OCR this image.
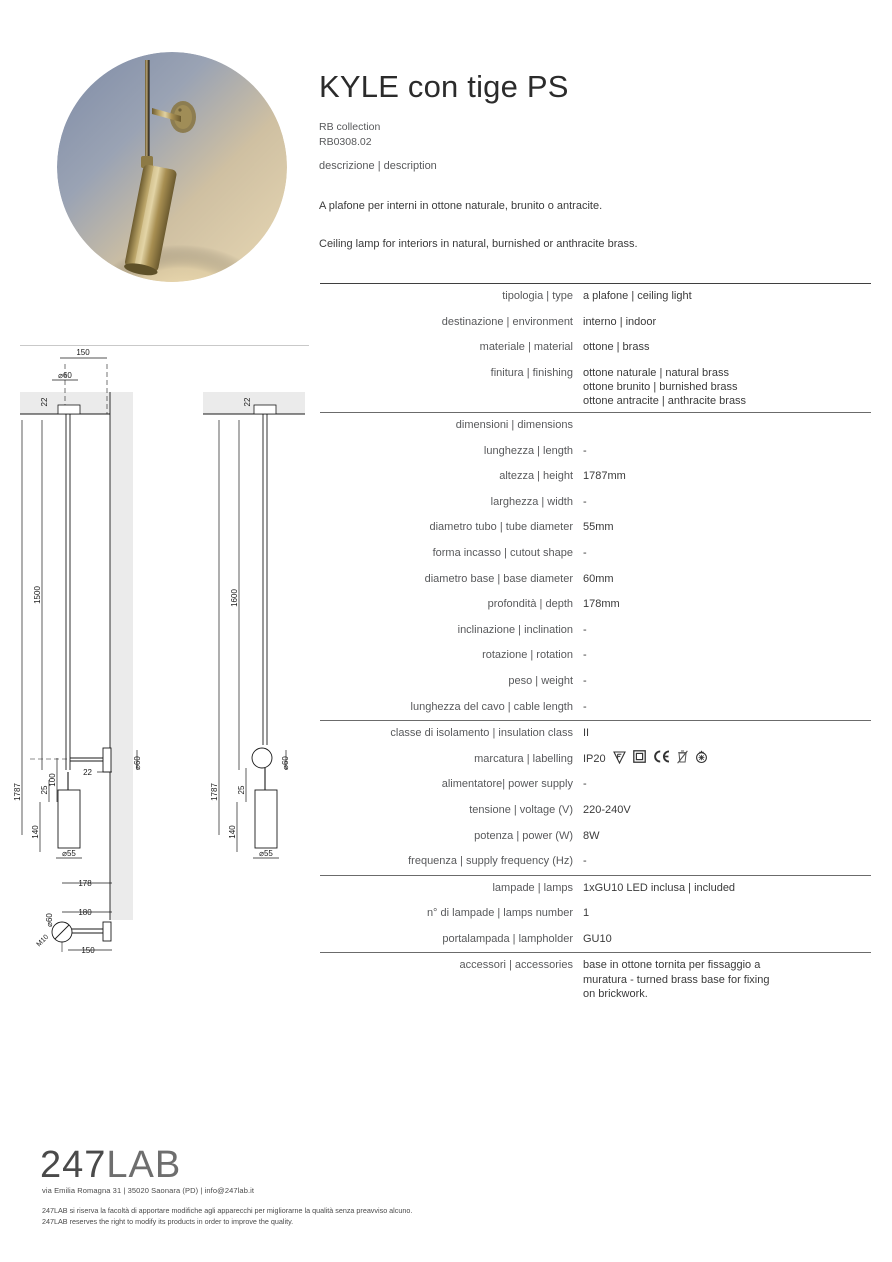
KYLE con tige PS
RB collection
RB0308.02
descrizione | description
A plafone per interni in ottone naturale, brunito o antracite.
Ceiling lamp for interiors in natural, burnished or anthracite brass.
tipologia | type a plafone | ceiling light
destinazione | environment interno | indoor
materiale | material ottone | brass
finitura | finishing ottone naturale | natural brass
ottone brunito | burnished brass
ottone antracite | anthracite brass
dimensioni | dimensions
lunghezza | length -
altezza | height 1787mm
larghezza | width -
diametro tubo | tube diameter 55mm
forma incasso | cutout shape -
diametro base | base diameter 60mm
profondità | depth 178mm
inclinazione | inclination -
rotazione | rotation -
peso | weight -
lunghezza del cavo | cable length -
classe di isolamento | insulation class II
marcatura | labelling IP20
alimentatore| power supply -
tensione | voltage (V) 220-240V
potenza | power (W) 8W
frequenza | supply frequency (Hz) -
lampade | lamps 1xGU10 LED inclusa | included
n° di lampade | lamps number 1
portalampada | lampholder GU10
accessori | accessories base in ottone tornita per fissaggio a
muratura - turned brass base for fixing
on brickwork.
150
⌀60
22
1787
1500
100
25
140
22
⌀60
⌀55
178
180
⌀60
M10
150
22
1787
1600
⌀60
25
140
⌀55
247LAB
via Emilia Romagna 31 | 35020 Saonara (PD) | info@247lab.it
247LAB si riserva la facoltà di apportare modifiche agli apparecchi per migliorarne la qualità senza preavviso alcuno.
247LAB reserves the right to modify its products in order to improve the quality.
